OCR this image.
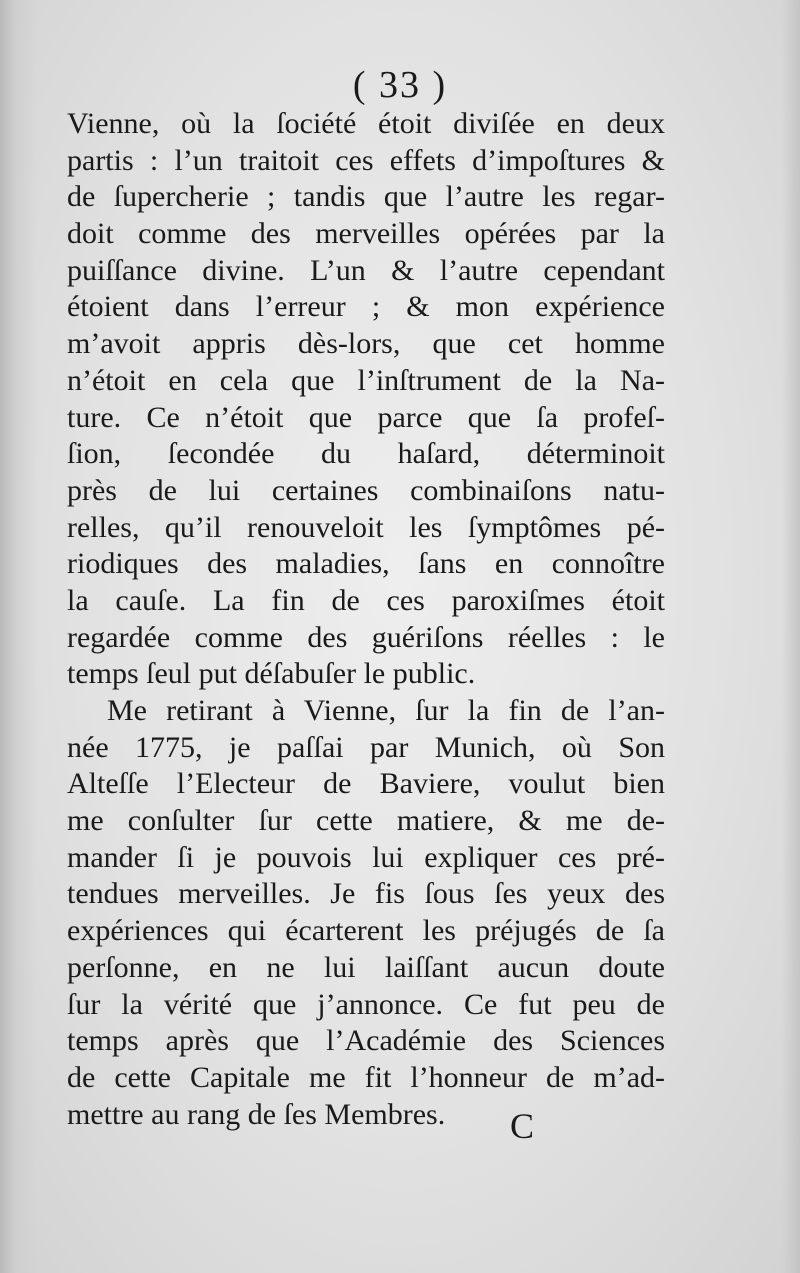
( 33 )
Vienne, où la ſociété étoit diviſée en deux
partis : l’un traitoit ces effets d’impoſtures &
de ſupercherie ; tandis que l’autre les regar-
doit comme des merveilles opérées par la
puiſſance divine. L’un & l’autre cependant
étoient dans l’erreur ; & mon expérience
m’avoit appris dès-lors, que cet homme
n’étoit en cela que l’inſtrument de la Na-
ture. Ce n’étoit que parce que ſa profeſ-
ſion, ſecondée du haſard, déterminoit
près de lui certaines combinaiſons natu-
relles, qu’il renouveloit les ſymptômes pé-
riodiques des maladies, ſans en connoître
la cauſe. La fin de ces paroxiſmes étoit
regardée comme des guériſons réelles : le
temps ſeul put déſabuſer le public.
Me retirant à Vienne, ſur la fin de l’an-
née 1775, je paſſai par Munich, où Son
Alteſſe l’Electeur de Baviere, voulut bien
me conſulter ſur cette matiere, & me de-
mander ſi je pouvois lui expliquer ces pré-
tendues merveilles. Je fis ſous ſes yeux des
expériences qui écarterent les préjugés de ſa
perſonne, en ne lui laiſſant aucun doute
ſur la vérité que j’annonce. Ce fut peu de
temps après que l’Académie des Sciences
de cette Capitale me fit l’honneur de m’ad-
mettre au rang de ſes Membres.	C
